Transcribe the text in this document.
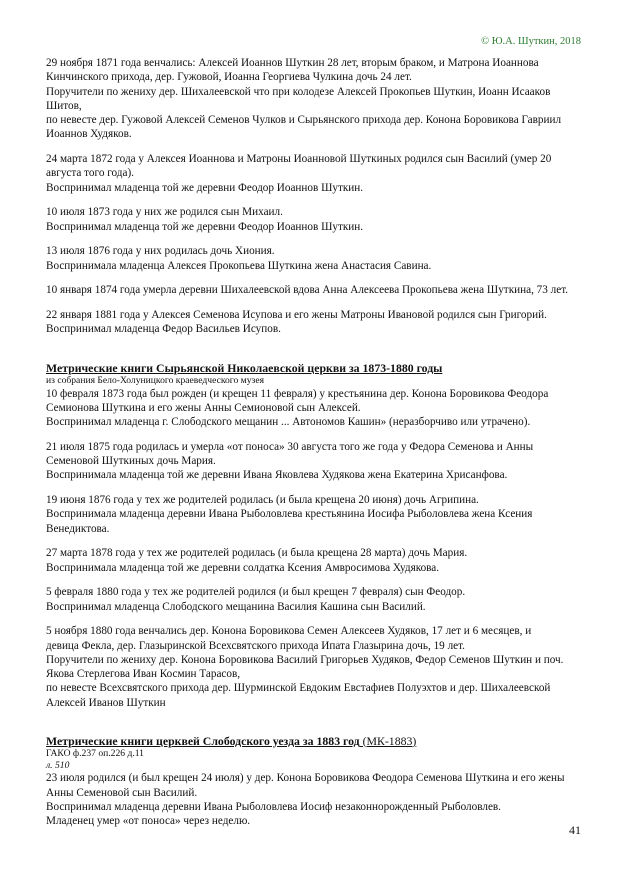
© Ю.А. Шуткин, 2018
29 ноября 1871 года венчались: Алексей Иоаннов Шуткин 28 лет, вторым браком, и Матрона Иоаннова
Кинчинского прихода, дер. Гужовой, Иоанна Георгиева Чулкина дочь 24 лет.
Поручители по жениху дер. Шихалеевской что при колодезе Алексей Прокопьев Шуткин, Иоанн Исааков
Шитов,
по невесте дер. Гужовой Алексей Семенов Чулков и Сырьянского прихода дер. Конона Боровикова Гавриил
Иоаннов Худяков.
24 марта 1872 года у Алексея Иоаннова и Матроны Иоанновой Шуткиных родился сын Василий (умер 20
августа того года).
Воспринимал младенца той же деревни Феодор Иоаннов Шуткин.
10 июля 1873 года у них же родился сын Михаил.
Воспринимал младенца той же деревни Феодор Иоаннов Шуткин.
13 июля 1876 года у них родилась дочь Хиония.
Воспринимала младенца Алексея Прокопьева Шуткина жена Анастасия Савина.
10 января 1874 года умерла деревни Шихалеевской вдова Анна Алексеева Прокопьева жена Шуткина, 73 лет.
22 января 1881 года у Алексея Семенова Исупова и его жены Матроны Ивановой родился сын Григорий.
Воспринимал младенца Федор Васильев Исупов.
Метрические книги Сырьянской Николаевской церкви за 1873-1880 годы
из собрания Бело-Холуницкого краеведческого музея
10 февраля 1873 года был рожден (и крещен 11 февраля) у крестьянина дер. Конона Боровикова Феодора
Семионова Шуткина и его жены Анны Семионовой сын Алексей.
Воспринимал младенца г. Слободского мещанин ... Автономов Кашин» (неразборчиво или утрачено).
21 июля 1875 года родилась и умерла «от поноса» 30 августа того же года у Федора Семенова и Анны
Семеновой Шуткиных дочь Мария.
Воспринимала младенца той же деревни Ивана Яковлева Худякова жена Екатерина Хрисанфова.
19 июня 1876 года у тех же родителей родилась (и была крещена 20 июня) дочь Агрипина.
Воспринимала младенца деревни Ивана Рыболовлева крестьянина Иосифа Рыболовлева жена Ксения
Венедиктова.
27 марта 1878 года у тех же родителей родилась (и была крещена 28 марта) дочь Мария.
Воспринимала младенца той же деревни солдатка Ксения Амвросимова Худякова.
5 февраля 1880 года у тех же родителей родился (и был крещен 7 февраля) сын Феодор.
Воспринимал младенца Слободского мещанина Василия Кашина сын Василий.
5 ноября 1880 года венчались дер. Конона Боровикова Семен Алексеев Худяков, 17 лет и 6 месяцев, и
девица Фекла, дер. Глазыринской Всехсвятского прихода Ипата Глазырина дочь, 19 лет.
Поручители по жениху дер. Конона Боровикова Василий Григорьев Худяков, Федор Семенов Шуткин и поч.
Якова Стерлегова Иван Космин Тарасов,
по невесте Всехсвятского прихода дер. Шурминской Евдоким Евстафиев Полуэхтов и дер. Шихалеевской
Алексей Иванов Шуткин
Метрические книги церквей Слободского уезда за 1883 год (МК-1883)
ГАКО ф.237 оп.226 д.11
л. 510
23 июля родился (и был крещен 24 июля) у дер. Конона Боровикова Феодора Семенова Шуткина и его жены
Анны Семеновой сын Василий.
Воспринимал младенца деревни Ивана Рыболовлева Иосиф незаконнорожденный Рыболовлев.
Младенец умер «от поноса» через неделю.
41
